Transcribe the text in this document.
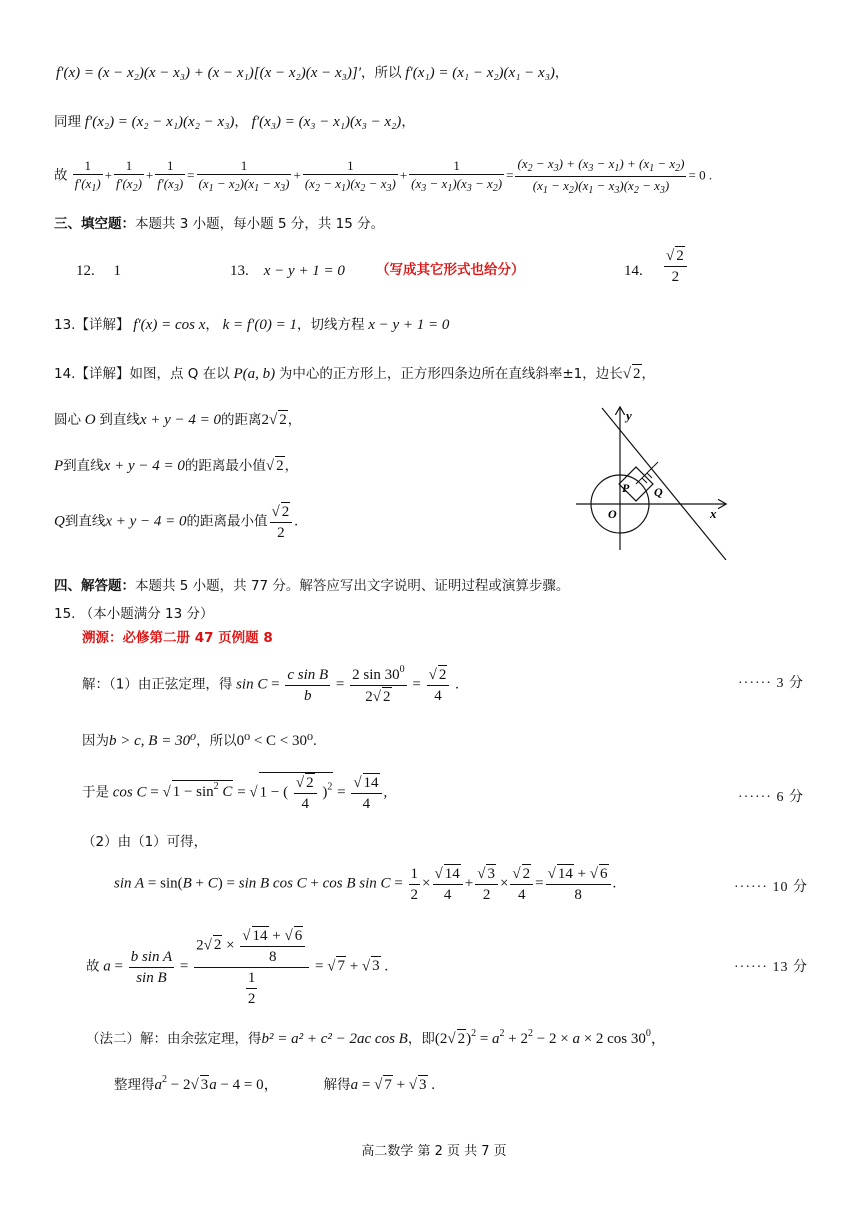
f′(x) = (x − x₂)(x − x₃) + (x − x₁)[(x − x₂)(x − x₃)]′，所以 f′(x₁) = (x₁ − x₂)(x₁ − x₃)，
同理 f′(x₂) = (x₂ − x₁)(x₂ − x₃)， f′(x₃) = (x₃ − x₁)(x₃ − x₂)，
故 $\frac{1}{f'(x_1)} + \frac{1}{f'(x_2)} + \frac{1}{f'(x_3)} = \frac{1}{(x_1 - x_2)(x_1 - x_3)} + \frac{1}{(x_2 - x_1)(x_2 - x_3)} + \frac{1}{(x_3 - x_1)(x_3 - x_2)} = \frac{(x_2 - x_3) + (x_3 - x_1) + (x_1 - x_2)}{(x_1 - x_2)(x_1 - x_3)(x_2 - x_3)} = 0$ .
三、填空题：本题共 3 小题，每小题 5 分，共 15 分。
12. 1	13. x − y + 1 = 0 （写成其它形式也给分）	14. $\frac{√ 2}{2}$
13.【详解】 f′(x) = cos x， k = f′(0) = 1，切线方程 x − y + 1 = 0
14.【详解】如图，点 Q 在以 P(a, b) 为中心的正方形上，正方形四条边所在直线斜率±1，边长√ 2，
圆心 O 到直线x + y − 4 = 0的距离2√ 2，
P到直线x + y − 4 = 0的距离最小值√ 2，
Q到直线x + y − 4 = 0的距离最小值 $\frac{√ 2}{2}$ .
y
x
O
P Q
四、解答题：本题共 5 小题，共 77 分。解答应写出文字说明、证明过程或演算步骤。
15. （本小题满分 13 分）
溯源：必修第二册 47 页例题 8
解：（1）由正弦定理，得 $\sin C = \frac{\text{c sin B}}{b} = \frac{2 \sin 30^0}{2√ 2} = \frac{√ 2}{4}$ .	······ 3 分
因为b > c, B = 30⁰，所以0⁰ < C < 30⁰.
于是 cos C = √ $1 - \sin^2 C$ = √ 1 − ( $\frac{√ 2}{4} )^2 = \frac{√ 14}{4}$ ,	······ 6 分
（2）由（1）可得，
sin A = sin(B + C) = sin B cos C + cos B $\sin C = \frac{1}{2} \times \frac{√ 14}{4} + \frac{√ 3}{2} \times \frac{√ 2}{4} = \frac{√ 14 + √ 6}{8}$ .	······ 10 分
故 $a = \frac{\text{b sin A}}{\text{sin B}} = \frac{2√ 2 \times \frac{√ 14 + √ 6}{8}}{\frac{1}{2}}$ = √ 7 + √ 3 .	······ 13 分
（法二）解：由余弦定理，得b² = a² + c² − 2ac cos B，即(2√ $2)^2 = a^2 + 2^2 - 2 \times a \times 2$ $\cos 30^0$，
整理得$a^2 - 2√$ 3a − 4 = 0，            解得a = √ 7 + √ 3 .
高二数学 第 2 页 共 7 页
